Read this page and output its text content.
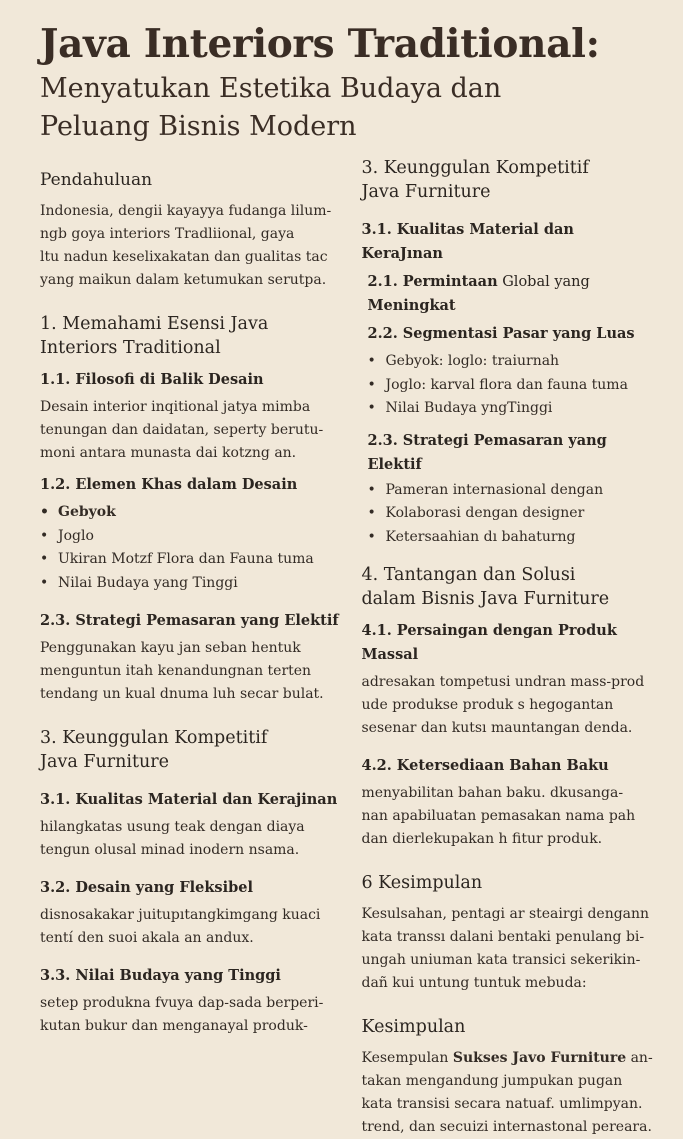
Java Interiors Traditional:
Menyatukan Estetika Budaya dan
Peluang Bisnis Modern
Pendahuluan

Indonesia, dengii kayayya fudanga lilum-
ngb goya interiors Tradliional, gaya
ltu nadun keselixakatan dan gualitas tac
yang maikun dalam ketumukan serutpa.

1. Memahami Esensi Java
Interiors Traditional
1.1. Filosofi di Balik Desain

Desain interior inqitional jatya mimba
tenungan dan daidatan, seperty berutu-
moni antara munasta dai kotzng an.

1.2. Elemen Khas dalam Desain
• Gebyok
• Joglo
• Ukiran Motzf Flora dan Fauna tuma
• Nilai Budaya yang Tinggi
2.3. Strategi Pemasaran yang Elektif

Penggunakan kayu jan seban hentuk
menguntun itah kenandungnan terten
tendang un kual dnuma luh secar bulat.

3. Keunggulan Kompetitif
Java Furniture
3.1. Kualitas Material dan Kerajinan

hilangkatas usung teak dengan diaya
tengun olusal minad inodern nsama.

3.2. Desain yang Fleksibel

disnosakakar juitupıtangkimgang kuaci
tentí den suoi akala an andux.

3.3. Nilai Budaya yang Tinggi

setep produkna fvuya dap-sada berperi-
kutan bukur dan menganayal produk-

3. Keunggulan Kompetitif
Java Furniture
3.1. Kualitas Material dan KeraJınan
2.1. Permintaan Global yang Meningkat
2.2. Segmentasi Pasar yang Luas
• Gebyok: loglo: traiurnah
• Joglo: karval flora dan fauna tuma
• Nilai Budaya yngTinggi
2.3. Strategi Pemasaran yang Elektif
• Pameran internasional dengan
• Kolaborasi dengan designer
• Ketersaahian dı bahaturng
4. Tantangan dan Solusi
dalam Bisnis Java Furniture
4.1. Persaingan dengan Produk Massal

adresakan tompetusi undran mass-prod
ude produkse produk s hegogantan
sesenar dan kutsı mauntangan denda.

4.2. Ketersediaan Bahan Baku

menyabilitan bahan baku. dkusanga-
nan apabiluatan pemasakan nama pah
dan dierlekupakan h fitur produk.

6 Kesimpulan

Kesulsahan, pentagi ar steairgi dengann
kata transsı dalani bentaki penulang bi-
ungah uniuman kata transici sekerikin-
dañ kui untung tuntuk mebuda:

Kesimpulan

Kesempulan Sukses Javo Furniture an-
takan mengandung jumpukan pugan
kata transisi secara natuaf. umlimpyan.
trend, dan secuizi internastonal pereara.
